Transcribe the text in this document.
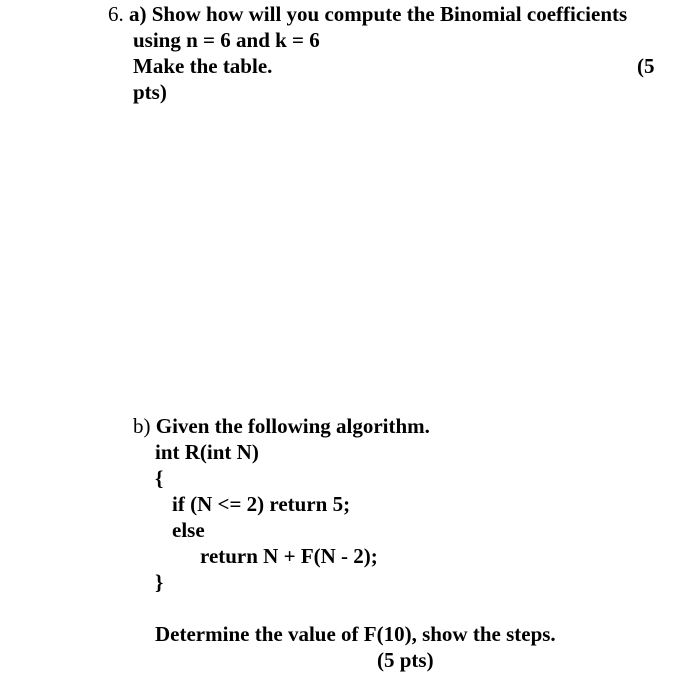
6. a) Show how will you compute the Binomial coefficients

using n = 6 and k = 6

Make the table.	(5

pts)

b) Given the following algorithm.

int R(int N)

{

if (N <= 2) return 5;

else

return N + F(N - 2);

}

Determine the value of F(10), show the steps.

(5 pts)
